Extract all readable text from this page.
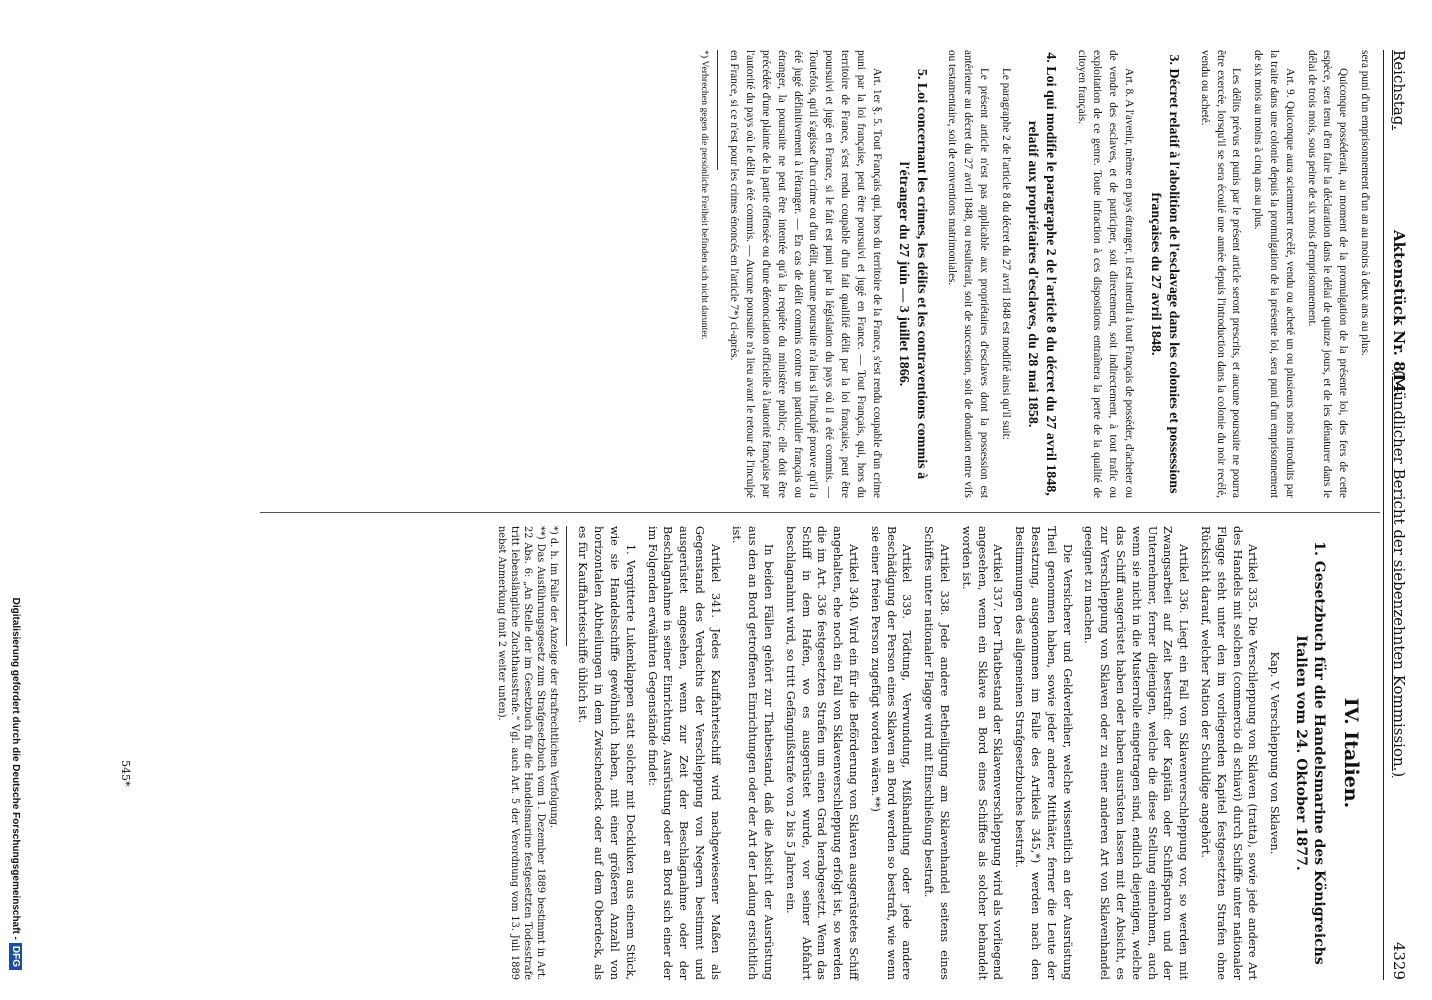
Reichstag.
Aktenstück Nr. 814.
(Mündlicher Bericht der siebenzehnten Kommission.)
4329

sera puni d'un emprisonnement d'un an au moins à deux ans au plus.

Quiconque posséderait, au moment de la promulgation de la présente loi, des fers de cette espèce, sera tenu d'en faire la déclaration dans le délai de quinze jours, et de les dénaturer dans le délai de trois mois, sous peine de six mois d'emprisonnement.

Art. 9. Quiconque aura sciemment recélé, vendu ou acheté un ou plusieurs noirs introduits par la traite dans une colonie depuis la promulgation de la présente loi, sera puni d'un emprisonnement de six mois au moins à cinq ans au plus.

Les délits prévus et punis par le présent article seront prescrits, et aucune poursuite ne pourra être exercée, lorsqu'il se sera écoulé une année depuis l'introduction dans la colonie du noir recélé, vendu ou acheté.

3. Décret relatif à l'abolition de l'esclavage dans les colonies et possessions françaises du 27 avril 1848.

Art. 8. A l'avenir, même en pays étranger, il est interdit à tout Français de posséder, d'acheter ou de vendre des esclaves, et de participer, soit directement, soit indirectement, à tout trafic ou exploitation de ce genre. Toute infraction à ces dispositions entraînera la perte de la qualité de citoyen français.

4. Loi qui modifie le paragraphe 2 de l'article 8 du décret du 27 avril 1848, relatif aux propriétaires d'esclaves, du 28 mai 1858.

Le paragraphe 2 de l'article 8 du décret du 27 avril 1848 est modifié ainsi qu'il suit:

Le présent article n'est pas applicable aux propriétaires d'esclaves dont la possession est antérieure au décret du 27 avril 1848, ou resulterait, soit de succession, soit de donation entre vifs ou testamentaire, soit de conventions matrimoniales.

5. Loi concernant les crimes, les délits et les contraventions commis à l'étranger du 27 juin — 3 juillet 1866.

Art. 1er §. 5. Tout Français qui, hors du territoire de la France, s'est rendu coupable d'un crime puni par la loi française, peut être poursuivi et jugé en France. — Tout Français, qui, hors du territoire de France, s'est rendu coupable d'un fait qualifié délit par la loi française, peut être poursuivi et jugé en France, si le fait est puni par la législation du pays où il a été commis. — Toutefois, qu'il s'agisse d'un crime ou d'un délit, aucune poursuite n'a lieu si l'inculpé prouve qu'il a été jugé définitivement à l'étranger. — En cas de délit commis contre un particulier français ou étranger, la poursuite ne peut être intentée qu'à la requête du ministère public; elle doit être précédée d'une plainte de la partie offensée ou d'une dénonciation officielle à l'autorité française par l'autorité du pays où le délit a été commis. — Aucune poursuite n'a lieu avant le retour de l'inculpé en France, si ce n'est pour les crimes énoncés en l'article 7*) ci-après.

*) Verbrechen gegen die persönliche Freiheit befinden sich nicht darunter.
IV. Italien.
1. Gesetzbuch für die Handelsmarine des Königreichs Italien vom 24. Oktober 1877.

Kap. V. Verschleppung von Sklaven.

Artikel 335. Die Verschleppung von Sklaven (tratta), sowie jede andere Art des Handels mit solchen (commercio di schiavi) durch Schiffe unter nationaler Flagge steht unter den im vorliegenden Kapitel festgesetzten Strafen ohne Rücksicht darauf, welcher Nation der Schuldige angehört.

Artikel 336. Liegt ein Fall von Sklavenverschleppung vor, so werden mit Zwangsarbeit auf Zeit bestraft: der Kapitän oder Schiffspatron und der Unternehmer, ferner diejenigen, welche die diese Stellung einnehmen, auch wenn sie nicht in die Musterrolle eingetragen sind, endlich diejenigen, welche das Schiff ausgerüstet haben oder haben ausrüsten lassen mit der Absicht, es zur Verschleppung von Sklaven oder zu einer anderen Art von Sklavenhandel geeignet zu machen.

Die Versicherer und Geldverleiher, welche wissentlich an der Ausrüstung Theil genommen haben, sowie jeder andere Mitthäter, ferner die Leute der Besatzung, ausgenommen im Falle des Artikels 345,*) werden nach den Bestimmungen des allgemeinen Strafgesetzbuches bestraft.

Artikel 337. Der Thatbestand der Sklavenverschleppung wird als vorliegend angesehen, wenn ein Sklave an Bord eines Schiffes als solcher behandelt worden ist.

Artikel 338. Jede andere Betheiligung am Sklavenhandel seitens eines Schiffes unter nationaler Flagge wird mit Einschließung bestraft.

Artikel 339. Tödtung, Verwundung, Mißhandlung oder jede andere Beschädigung der Person eines Sklaven an Bord werden so bestraft, wie wenn sie einer freien Person zugefügt worden wären.**)

Artikel 340. Wird ein für die Beförderung von Sklaven ausgerüstetes Schiff angehalten, ehe noch ein Fall von Sklavenverschleppung erfolgt ist, so werden die im Art. 336 festgesetzten Strafen um einen Grad herabgesetzt. Wenn das Schiff in dem Hafen, wo es ausgerüstet wurde, vor seiner Abfahrt beschlagnahmt wird, so tritt Gefängnißstrafe von 2 bis 5 Jahren ein.

In beiden Fällen gehört zur Thatbestand, daß die Absicht der Ausrüstung aus den an Bord getroffenen Einrichtungen oder der Art der Ladung ersichtlich ist.

Artikel 341. Jedes Kauffahrteischiff wird nachgewiesener Maßen als Gegenstand des Verdachts der Verschleppung von Negern bestimmt und ausgerüstet angesehen, wenn zur Zeit der Beschlagnahme oder der Beschlagnahme in seiner Einrichtung, Ausrüstung oder an Bord sich einer der im Folgenden erwähnten Gegenstände findet:

1. Vergitterte Lukenklappen statt solcher mit Deckluken aus einem Stück, wie sie Handelsschiffe gewöhnlich haben, mit einer größeren Anzahl von horizontalen Abtheilungen in dem Zwischendeck oder auf dem Oberdeck, als es für Kauffahrteischiffe üblich ist.

*) d. h. im Falle der Anzeige der strafrechtlichen Verfolgung.
**) Das Ausführungsgesetz zum Strafgesetzbuch vom 1. Dezember 1889 bestimmt in Art. 22 Abs. 6: „An Stelle der im Gesetzbuch für die Handelsmarine festgesetzten Todesstrafe tritt lebenslängliche Zuchthausstrafe.“ Vgl. auch Art. 5 der Verordnung vom 13. Juli 1889 nebst Anmerkung (mit 2 weiter unten).
545*
Digitalisierung gefördert durch die Deutsche Forschungsgemeinschaft -DFG
